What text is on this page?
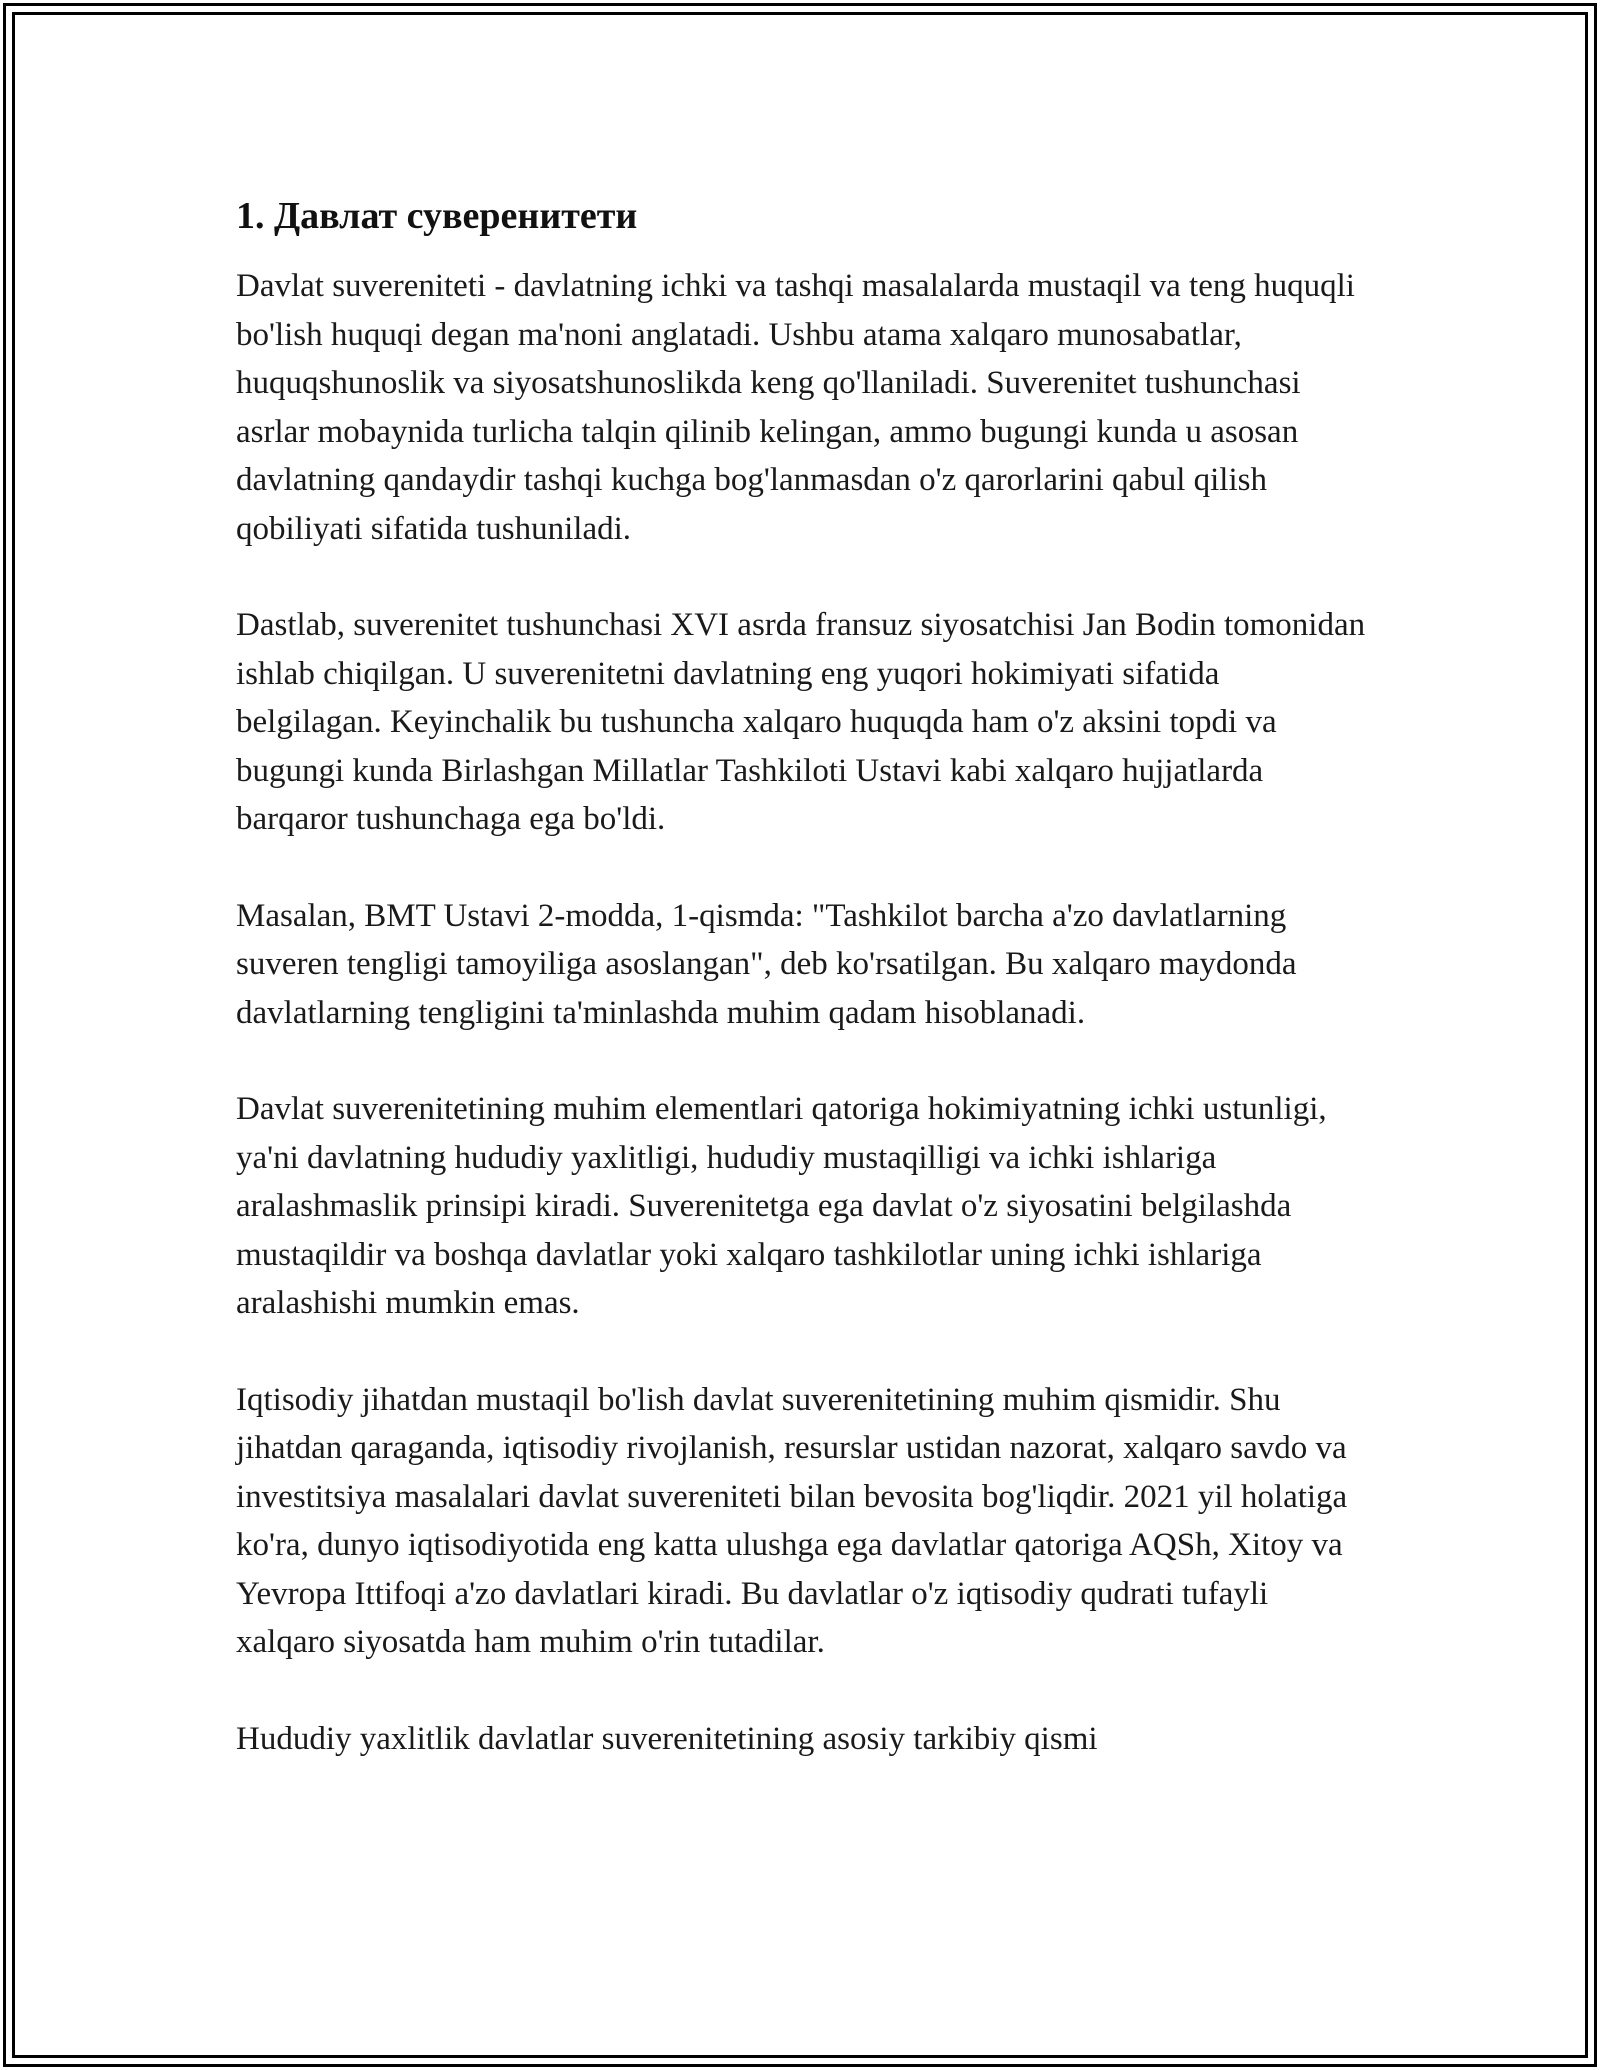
1. Давлат суверенитети

Davlat suvereniteti - davlatning ichki va tashqi masalalarda mustaqil va teng huquqli bo'lish huquqi degan ma'noni anglatadi. Ushbu atama xalqaro munosabatlar, huquqshunoslik va siyosatshunoslikda keng qo'llaniladi. Suverenitet tushunchasi asrlar mobaynida turlicha talqin qilinib kelingan, ammo bugungi kunda u asosan davlatning qandaydir tashqi kuchga bog'lanmasdan o'z qarorlarini qabul qilish qobiliyati sifatida tushuniladi.

Dastlab, suverenitet tushunchasi XVI asrda fransuz siyosatchisi Jan Bodin tomonidan ishlab chiqilgan. U suverenitetni davlatning eng yuqori hokimiyati sifatida belgilagan. Keyinchalik bu tushuncha xalqaro huquqda ham o'z aksini topdi va bugungi kunda Birlashgan Millatlar Tashkiloti Ustavi kabi xalqaro hujjatlarda barqaror tushunchaga ega bo'ldi.

Masalan, BMT Ustavi 2-modda, 1-qismda: "Tashkilot barcha a'zo davlatlarning suveren tengligi tamoyiliga asoslangan", deb ko'rsatilgan. Bu xalqaro maydonda davlatlarning tengligini ta'minlashda muhim qadam hisoblanadi.

Davlat suverenitetining muhim elementlari qatoriga hokimiyatning ichki ustunligi, ya'ni davlatning hududiy yaxlitligi, hududiy mustaqilligi va ichki ishlariga aralashmaslik prinsipi kiradi. Suverenitetga ega davlat o'z siyosatini belgilashda mustaqildir va boshqa davlatlar yoki xalqaro tashkilotlar uning ichki ishlariga aralashishi mumkin emas.

Iqtisodiy jihatdan mustaqil bo'lish davlat suverenitetining muhim qismidir. Shu jihatdan qaraganda, iqtisodiy rivojlanish, resurslar ustidan nazorat, xalqaro savdo va investitsiya masalalari davlat suvereniteti bilan bevosita bog'liqdir. 2021 yil holatiga ko'ra, dunyo iqtisodiyotida eng katta ulushga ega davlatlar qatoriga AQSh, Xitoy va Yevropa Ittifoqi a'zo davlatlari kiradi. Bu davlatlar o'z iqtisodiy qudrati tufayli xalqaro siyosatda ham muhim o'rin tutadilar.

Hududiy yaxlitlik davlatlar suverenitetining asosiy tarkibiy qismi
